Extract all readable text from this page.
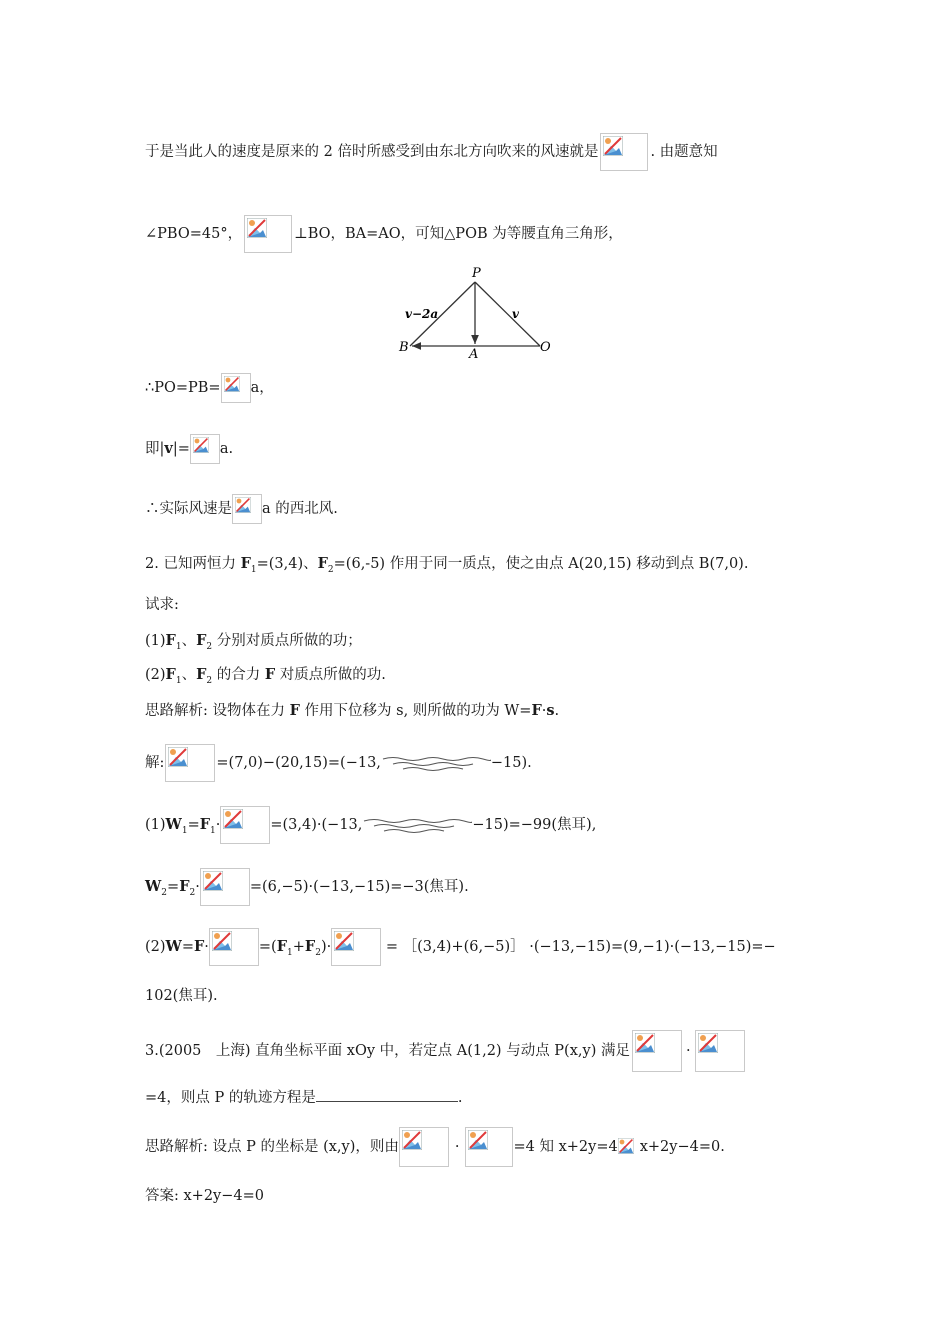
于是当此人的速度是原来的 2 倍时所感受到由东北方向吹来的风速就是	. 由题意知
∠PBO=45°，	⊥BO，BA=AO，可知△POB 为等腰直角三角形，
P
B	A	O
v−2a	v
∴PO=PB= a，
即|v|= a.
∴实际风速是 a 的西北风.
2. 已知两恒力 $F_1=(3,4)$、$F_2=(6,-5)$ 作用于同一质点，使之由点 A(20,15) 移动到点 B(7,0).
试求:
$(1)F_1$、$F_2$ 分别对质点所做的功；
$(2)F_1$、$F_2$ 的合力 F 对质点所做的功.
思路解析: 设物体在力 F 作用下位移为 s, 则所做的功为 W=F·s.
解:	=(7,0)−(20,15)=(−13,	−15).
$(1)W_1=F_1\cdot$	=(3,4)·(−13,	−15)=−99(焦耳),
$W_2=F_2\cdot$	=(6,−5)·(−13,−15)=−3(焦耳).
(2)W=F·	$=(F_1+F_2)\cdot$	= ［(3,4)+(6,−5)］ ·(−13,−15)=(9,−1)·(−13,−15)=−
102(焦耳).
3.(2005　上海) 直角坐标平面 xOy 中，若定点 A(1,2) 与动点 P(x,y) 满足	·
=4，则点 P 的轨迹方程是	.
思路解析: 设点 P 的坐标是 (x,y)，则由	·	=4 知 x+2y=4 x+2y−4=0.
答案: x+2y−4=0
